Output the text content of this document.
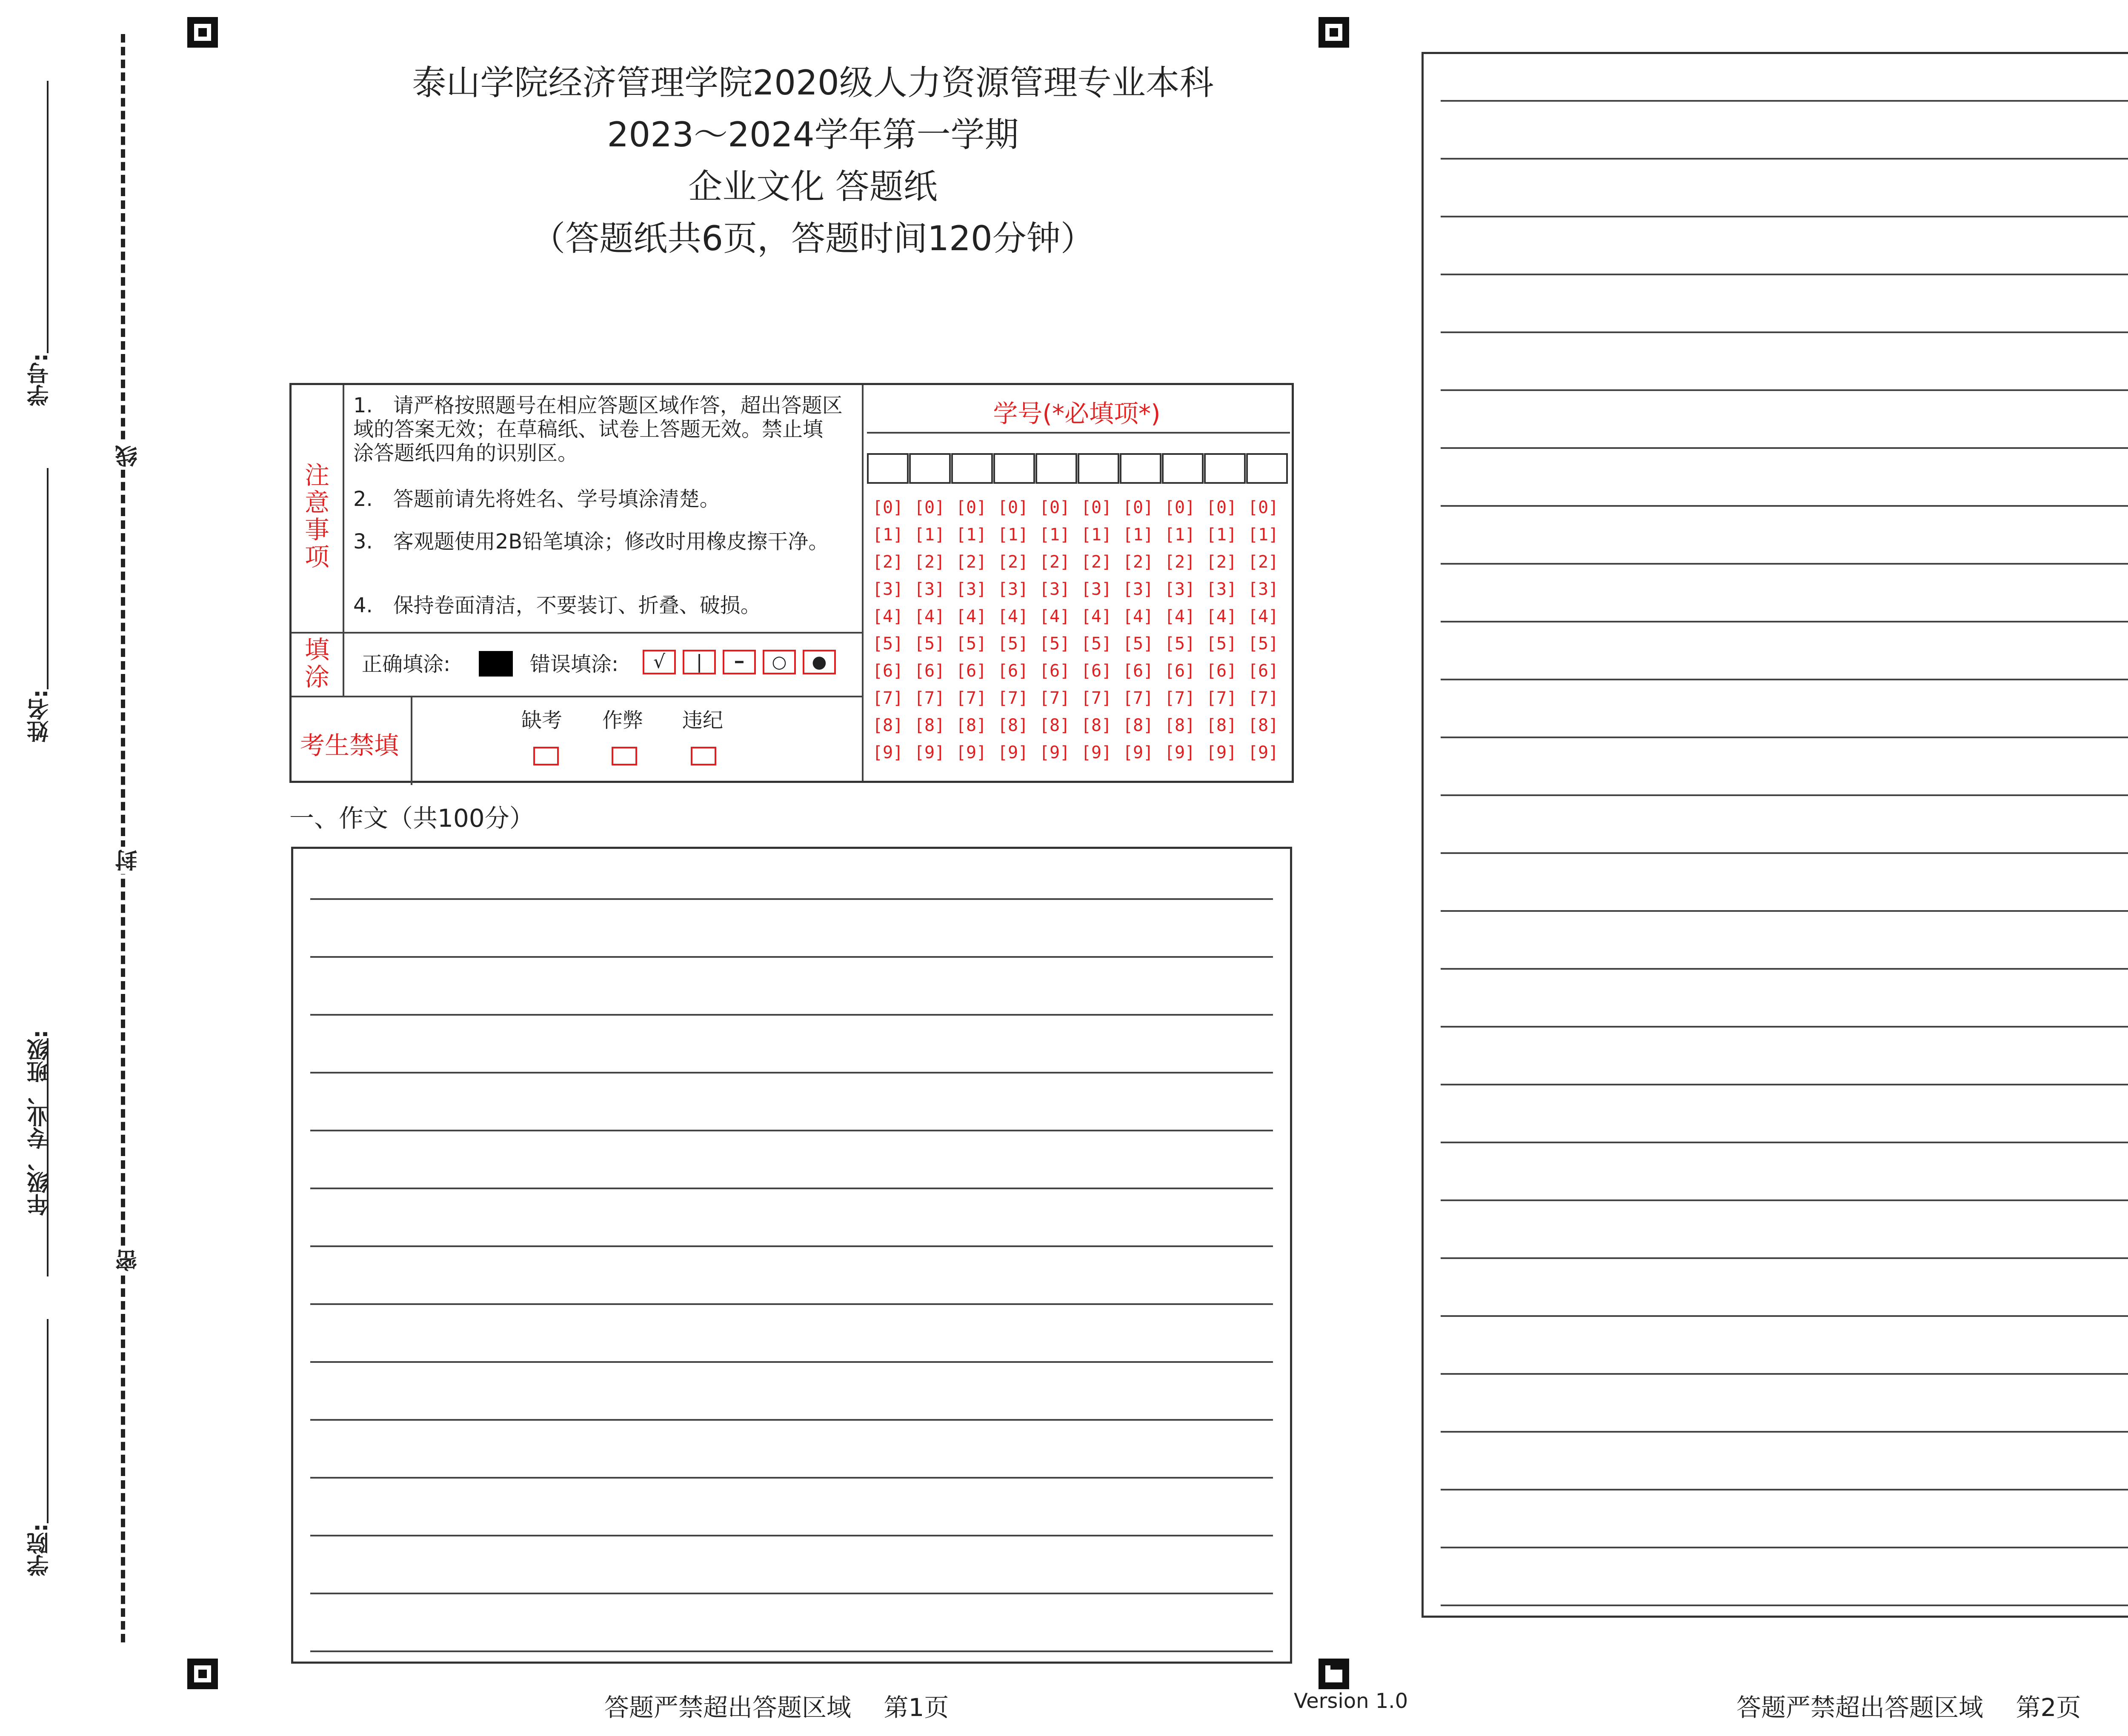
线
封
密
学号:
姓名:
年级、专业、班级:
学院:
泰山学院经济管理学院2020级人力资源管理专业本科
2023～2024学年第一学期
企业文化 答题纸
（答题纸共6页，答题时间120分钟）
注意事项
1.　请严格按照题号在相应答题区域作答，超出答题区域的答案无效；在草稿纸、试卷上答题无效。禁止填涂答题纸四角的识别区。
2.　答题前请先将姓名、学号填涂清楚。
3.　客观题使用2B铅笔填涂；修改时用橡皮擦干净。
4.　保持卷面清洁，不要装订、折叠、破损。
填涂 正确填涂:	错误填涂:	√	|	━	○	●
考生禁填
缺考 作弊 违纪
学号(*必填项*)
[0] [0] [0] [0] [0] [0] [0] [0] [0] [0]
[1] [1] [1] [1] [1] [1] [1] [1] [1] [1]
[2] [2] [2] [2] [2] [2] [2] [2] [2] [2]
[3] [3] [3] [3] [3] [3] [3] [3] [3] [3]
[4] [4] [4] [4] [4] [4] [4] [4] [4] [4]
[5] [5] [5] [5] [5] [5] [5] [5] [5] [5]
[6] [6] [6] [6] [6] [6] [6] [6] [6] [6]
[7] [7] [7] [7] [7] [7] [7] [7] [7] [7]
[8] [8] [8] [8] [8] [8] [8] [8] [8] [8]
[9] [9] [9] [9] [9] [9] [9] [9] [9] [9]
一、作文（共100分）
答题严禁超出答题区域　 第1页	Version 1.0	答题严禁超出答题区域　 第2页
